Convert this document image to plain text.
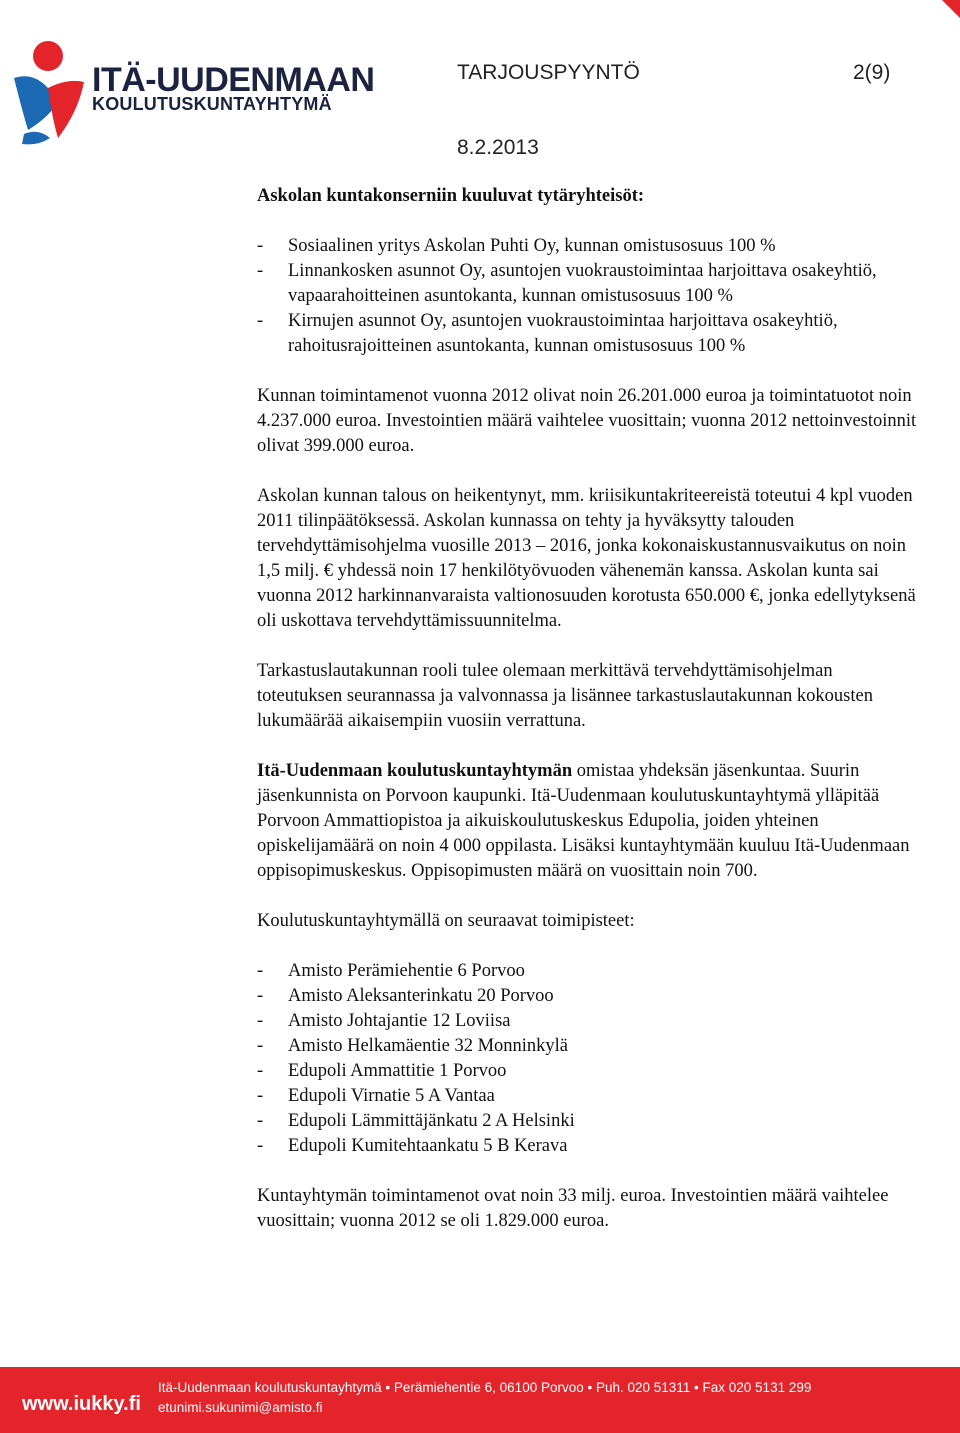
ITÄ-UUDENMAAN
KOULUTUSKUNTAYHTYMÄ
TARJOUSPYYNTÖ	2(9)
8.2.2013
Askolan kuntakonserniin kuuluvat tytäryhteisöt:
- Sosiaalinen yritys Askolan Puhti Oy, kunnan omistusosuus 100 %
- Linnankosken asunnot Oy, asuntojen vuokraustoimintaa harjoittava osakeyhtiö, vapaarahoitteinen asuntokanta, kunnan omistusosuus 100 %
- Kirnujen asunnot Oy, asuntojen vuokraustoimintaa harjoittava osakeyhtiö, rahoitusrajoitteinen asuntokanta, kunnan omistusosuus 100 %

Kunnan toimintamenot vuonna 2012 olivat noin 26.201.000 euroa ja toimintatuotot noin 4.237.000 euroa. Investointien määrä vaihtelee vuosittain; vuonna 2012 nettoinvestoinnit olivat 399.000 euroa.

Askolan kunnan talous on heikentynyt, mm. kriisikuntakriteereistä toteutui 4 kpl vuoden 2011 tilinpäätöksessä. Askolan kunnassa on tehty ja hyväksytty talouden tervehdyttämisohjelma vuosille 2013 – 2016, jonka kokonaiskustannusvaikutus on noin 1,5 milj. € yhdessä noin 17 henkilötyövuoden vähenemän kanssa. Askolan kunta sai vuonna 2012 harkinnanvaraista valtionosuuden korotusta 650.000 €, jonka edellytyksenä oli uskottava tervehdyttämissuunnitelma.

Tarkastuslautakunnan rooli tulee olemaan merkittävä tervehdyttämisohjelman toteutuksen seurannassa ja valvonnassa ja lisännee tarkastuslautakunnan kokousten lukumäärää aikaisempiin vuosiin verrattuna.

Itä-Uudenmaan koulutuskuntayhtymän omistaa yhdeksän jäsenkuntaa. Suurin jäsenkunnista on Porvoon kaupunki. Itä-Uudenmaan koulutuskuntayhtymä ylläpitää Porvoon Ammattiopistoa ja aikuiskoulutuskeskus Edupolia, joiden yhteinen opiskelijamäärä on noin 4 000 oppilasta. Lisäksi kuntayhtymään kuuluu Itä-Uudenmaan oppisopimuskeskus. Oppisopimusten määrä on vuosittain noin 700.

Koulutuskuntayhtymällä on seuraavat toimipisteet:

- Amisto Perämiehentie 6 Porvoo
- Amisto Aleksanterinkatu 20 Porvoo
- Amisto Johtajantie 12 Loviisa
- Amisto Helkamäentie 32 Monninkylä
- Edupoli Ammattitie 1 Porvoo
- Edupoli Virnatie 5 A Vantaa
- Edupoli Lämmittäjänkatu 2 A Helsinki
- Edupoli Kumitehtaankatu 5 B Kerava

Kuntayhtymän toimintamenot ovat noin 33 milj. euroa. Investointien määrä vaihtelee vuosittain; vuonna 2012 se oli 1.829.000 euroa.

www.iukky.fi
Itä-Uudenmaan koulutuskuntayhtymä • Perämiehentie 6, 06100 Porvoo • Puh. 020 51311 • Fax 020 5131 299
etunimi.sukunimi@amisto.fi
